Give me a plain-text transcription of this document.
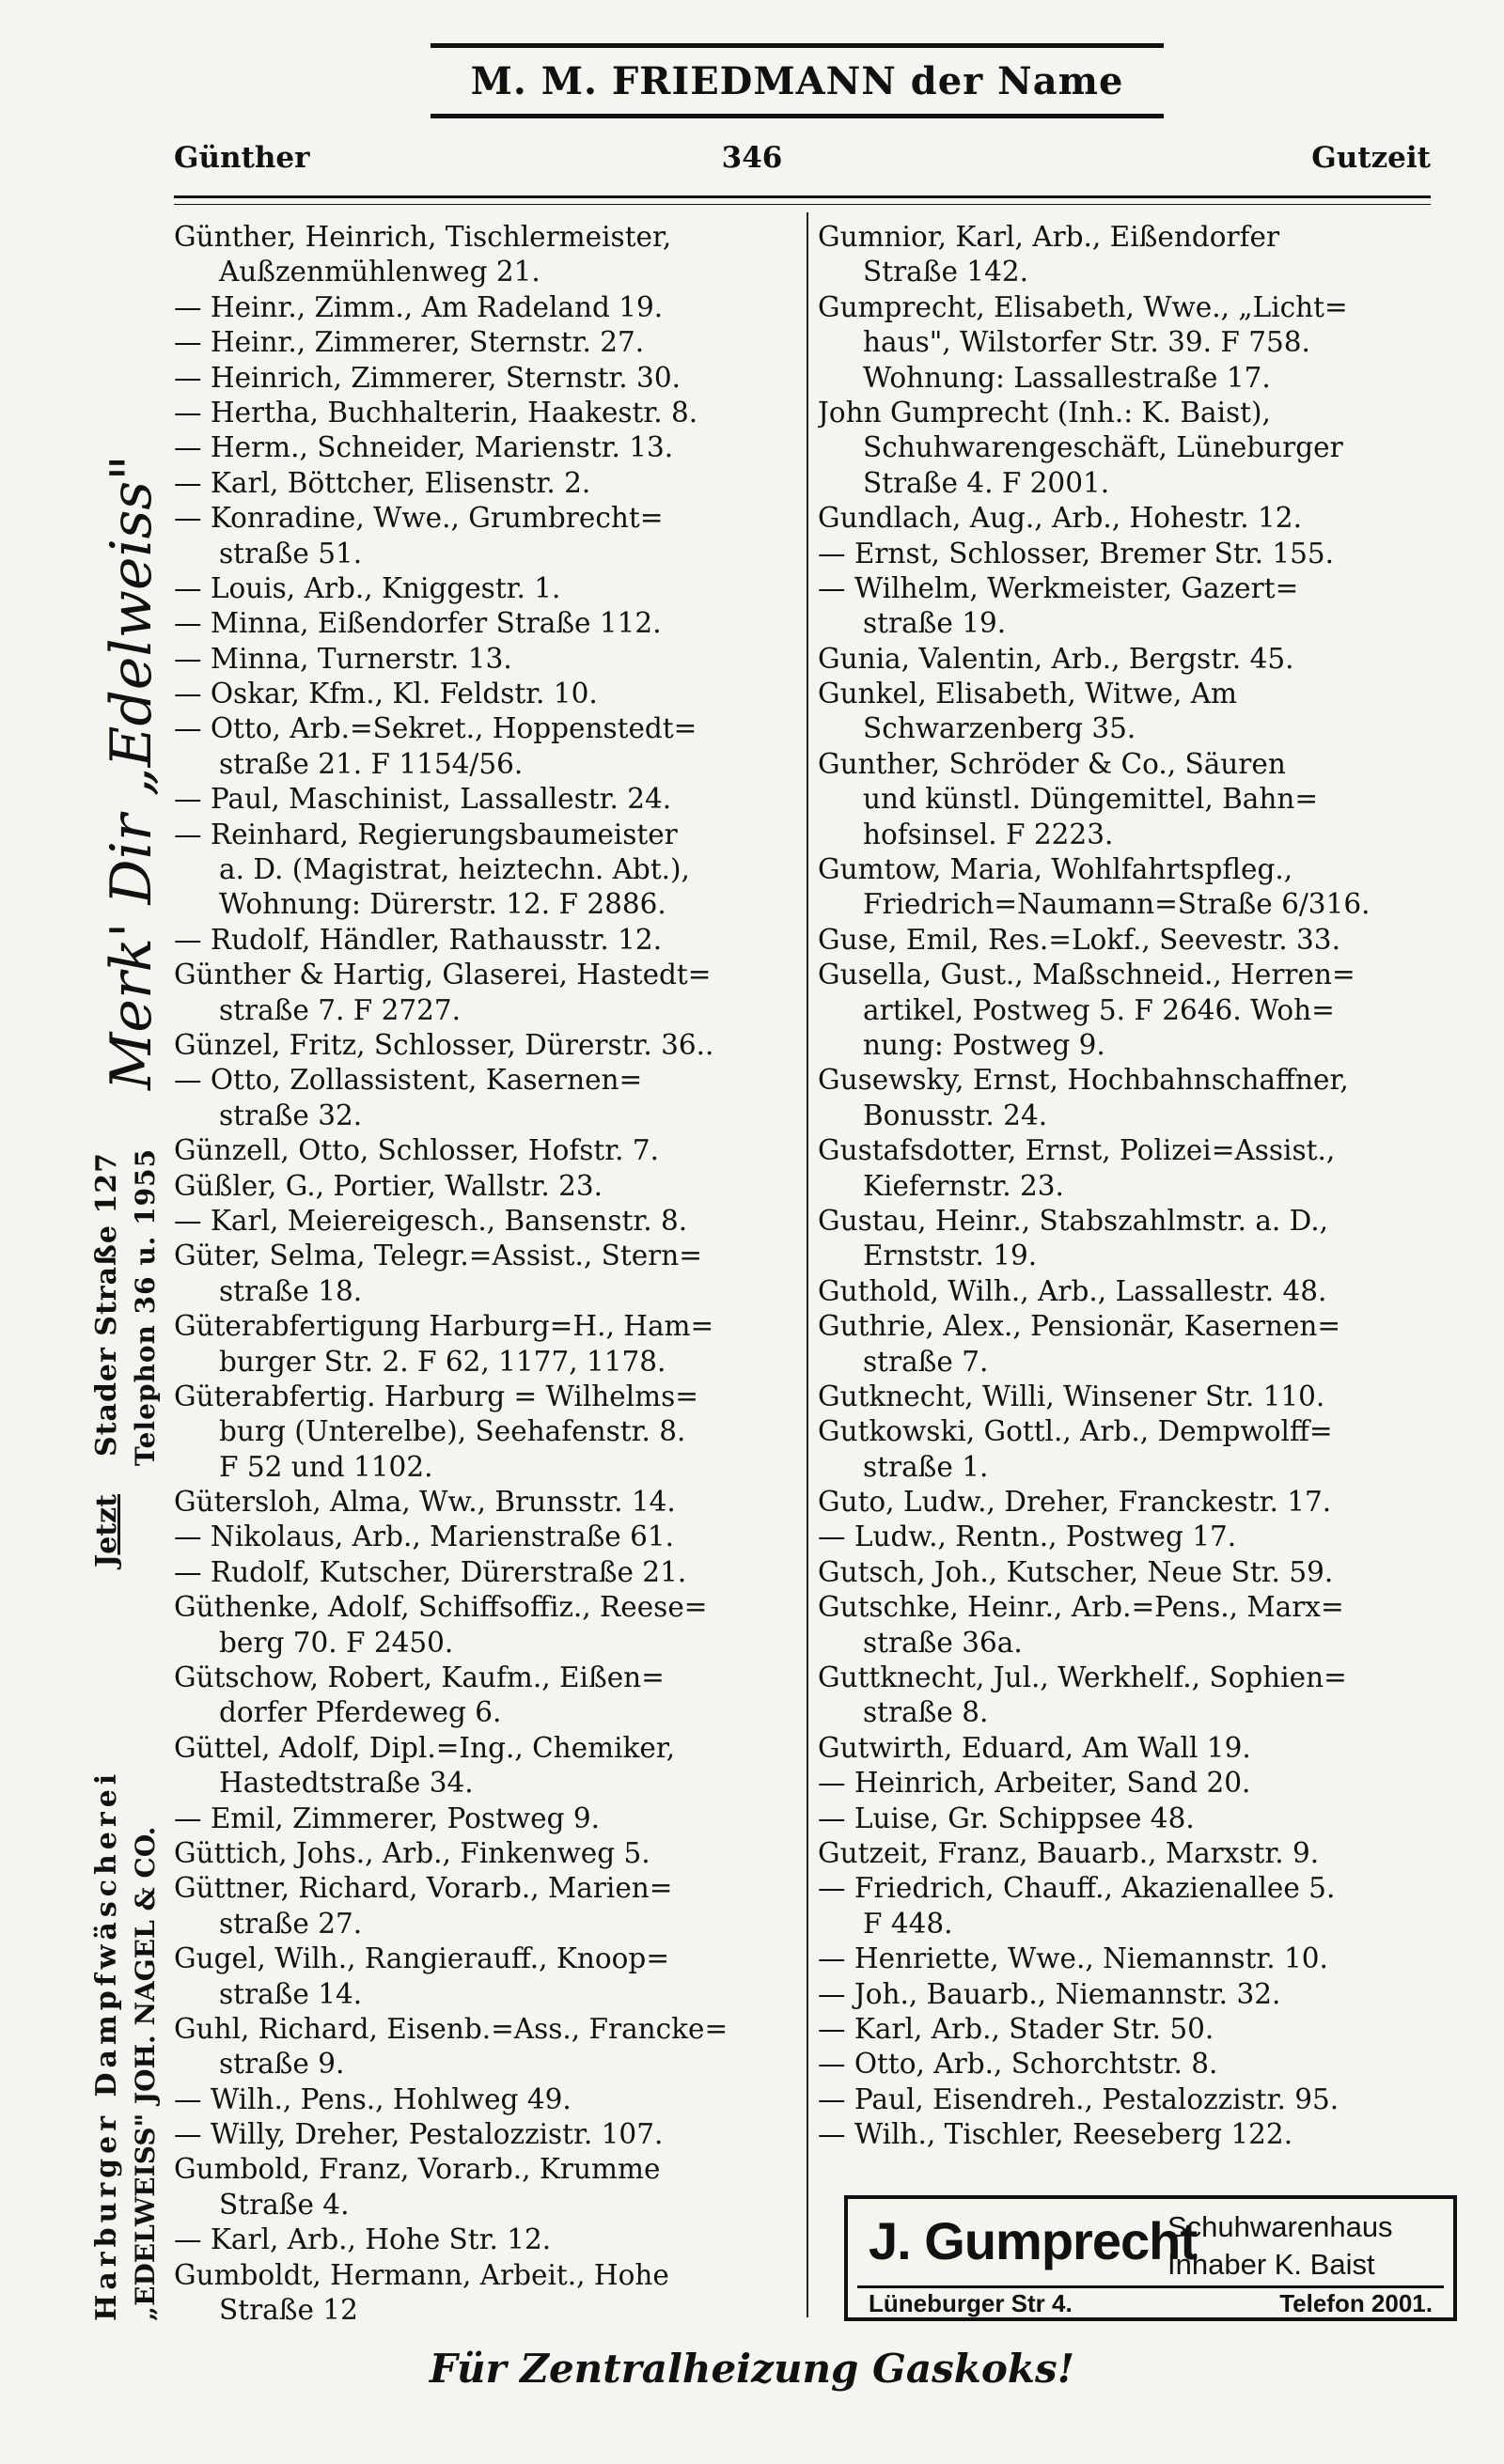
M. M. FRIEDMANN der Name
Günther	346	Gutzeit
Günther, Heinrich, Tischlermeister,
Außzenmühlenweg 21.
— Heinr., Zimm., Am Radeland 19.
— Heinr., Zimmerer, Sternstr. 27.
— Heinrich, Zimmerer, Sternstr. 30.
— Hertha, Buchhalterin, Haakestr. 8.
— Herm., Schneider, Marienstr. 13.
— Karl, Böttcher, Elisenstr. 2.
— Konradine, Wwe., Grumbrecht=
straße 51.
— Louis, Arb., Kniggestr. 1.
— Minna, Eißendorfer Straße 112.
— Minna, Turnerstr. 13.
— Oskar, Kfm., Kl. Feldstr. 10.
— Otto, Arb.=Sekret., Hoppenstedt=
straße 21. F 1154/56.
— Paul, Maschinist, Lassallestr. 24.
— Reinhard, Regierungsbaumeister
a. D. (Magistrat, heiztechn. Abt.),
Wohnung: Dürerstr. 12. F 2886.
— Rudolf, Händler, Rathausstr. 12.
Günther & Hartig, Glaserei, Hastedt=
straße 7. F 2727.
Günzel, Fritz, Schlosser, Dürerstr. 36..
— Otto, Zollassistent, Kasernen=
straße 32.
Günzell, Otto, Schlosser, Hofstr. 7.
Güßler, G., Portier, Wallstr. 23.
— Karl, Meiereigesch., Bansenstr. 8.
Güter, Selma, Telegr.=Assist., Stern=
straße 18.
Güterabfertigung Harburg=H., Ham=
burger Str. 2. F 62, 1177, 1178.
Güterabfertig. Harburg = Wilhelms=
burg (Unterelbe), Seehafenstr. 8.
F 52 und 1102.
Gütersloh, Alma, Ww., Brunsstr. 14.
— Nikolaus, Arb., Marienstraße 61.
— Rudolf, Kutscher, Dürerstraße 21.
Güthenke, Adolf, Schiffsoffiz., Reese=
berg 70. F 2450.
Gütschow, Robert, Kaufm., Eißen=
dorfer Pferdeweg 6.
Güttel, Adolf, Dipl.=Ing., Chemiker,
Hastedtstraße 34.
— Emil, Zimmerer, Postweg 9.
Güttich, Johs., Arb., Finkenweg 5.
Güttner, Richard, Vorarb., Marien=
straße 27.
Gugel, Wilh., Rangierauff., Knoop=
straße 14.
Guhl, Richard, Eisenb.=Ass., Francke=
straße 9.
— Wilh., Pens., Hohlweg 49.
— Willy, Dreher, Pestalozzistr. 107.
Gumbold, Franz, Vorarb., Krumme
Straße 4.
— Karl, Arb., Hohe Str. 12.
Gumboldt, Hermann, Arbeit., Hohe
Straße 12
Gumnior, Karl, Arb., Eißendorfer
Straße 142.
Gumprecht, Elisabeth, Wwe., „Licht=
haus", Wilstorfer Str. 39. F 758.
Wohnung: Lassallestraße 17.
John Gumprecht (Inh.: K. Baist),
Schuhwarengeschäft, Lüneburger
Straße 4. F 2001.
Gundlach, Aug., Arb., Hohestr. 12.
— Ernst, Schlosser, Bremer Str. 155.
— Wilhelm, Werkmeister, Gazert=
straße 19.
Gunia, Valentin, Arb., Bergstr. 45.
Gunkel, Elisabeth, Witwe, Am
Schwarzenberg 35.
Gunther, Schröder & Co., Säuren
und künstl. Düngemittel, Bahn=
hofsinsel. F 2223.
Gumtow, Maria, Wohlfahrtspfleg.,
Friedrich=Naumann=Straße 6/316.
Guse, Emil, Res.=Lokf., Seevestr. 33.
Gusella, Gust., Maßschneid., Herren=
artikel, Postweg 5. F 2646. Woh=
nung: Postweg 9.
Gusewsky, Ernst, Hochbahnschaffner,
Bonusstr. 24.
Gustafsdotter, Ernst, Polizei=Assist.,
Kiefernstr. 23.
Gustau, Heinr., Stabszahlmstr. a. D.,
Ernststr. 19.
Guthold, Wilh., Arb., Lassallestr. 48.
Guthrie, Alex., Pensionär, Kasernen=
straße 7.
Gutknecht, Willi, Winsener Str. 110.
Gutkowski, Gottl., Arb., Dempwolff=
straße 1.
Guto, Ludw., Dreher, Franckestr. 17.
— Ludw., Rentn., Postweg 17.
Gutsch, Joh., Kutscher, Neue Str. 59.
Gutschke, Heinr., Arb.=Pens., Marx=
straße 36a.
Guttknecht, Jul., Werkhelf., Sophien=
straße 8.
Gutwirth, Eduard, Am Wall 19.
— Heinrich, Arbeiter, Sand 20.
— Luise, Gr. Schippsee 48.
Gutzeit, Franz, Bauarb., Marxstr. 9.
— Friedrich, Chauff., Akazienallee 5.
F 448.
— Henriette, Wwe., Niemannstr. 10.
— Joh., Bauarb., Niemannstr. 32.
— Karl, Arb., Stader Str. 50.
— Otto, Arb., Schorchtstr. 8.
— Paul, Eisendreh., Pestalozzistr. 95.
— Wilh., Tischler, Reeseberg 122.
Merk' Dir „Edelweiss"
Stader Straße 127 Telephon 36 u. 1955
Jetzt
Harburger Dampfwäscherei „EDELWEISS" JOH. NAGEL & CO.	J. Gumprecht
Schuhwarenhaus
Inhaber K. Baist
Lüneburger Str 4.	Telefon 2001.
Für Zentralheizung Gaskoks!
